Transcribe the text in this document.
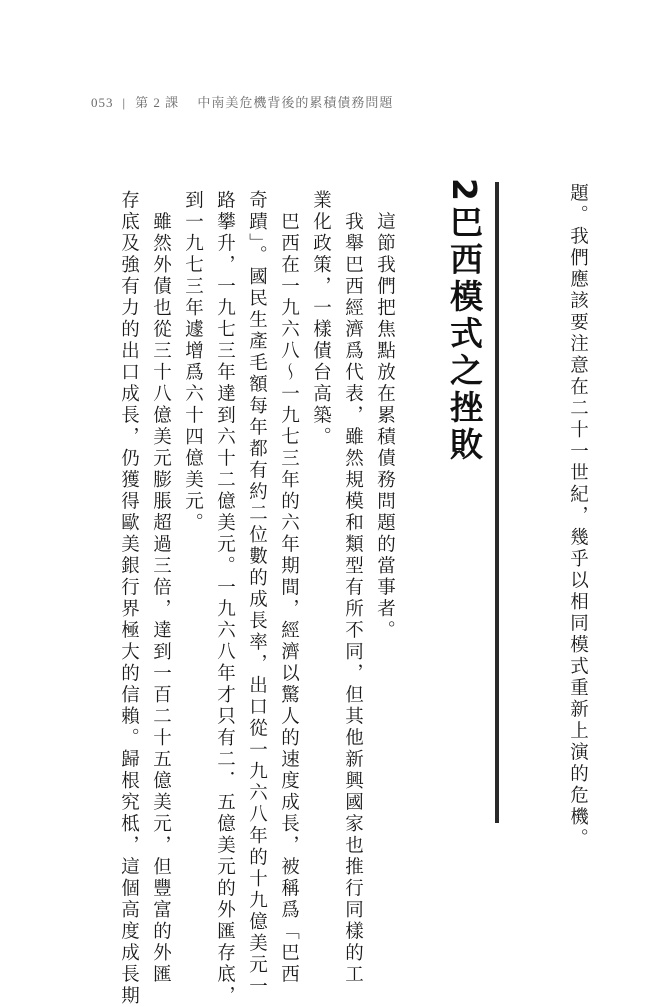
053 | 第 2 課　 中南美危機背後的累積債務問題
題。我們應該要注意在二十一世紀，幾乎以相同模式重新上演的危機。
2巴西模式之挫敗
　這節我們把焦點放在累積債務問題的當事者。
　我舉巴西經濟爲代表，雖然規模和類型有所不同，但其他新興國家也推行同樣的工
業化政策，一樣債台高築。
　巴西在一九六八〜一九七三年的六年期間，經濟以驚人的速度成長，被稱爲「巴西
奇蹟」。國民生產毛額每年都有約二位數的成長率，出口從一九六八年的十九億美元一
路攀升，一九七三年達到六十二億美元。一九六八年才只有二．五億美元的外匯存底，
到一九七三年遽增爲六十四億美元。
　雖然外債也從三十八億美元膨脹超過三倍，達到一百二十五億美元，但豐富的外匯
存底及強有力的出口成長，仍獲得歐美銀行界極大的信賴。歸根究柢，這個高度成長期
